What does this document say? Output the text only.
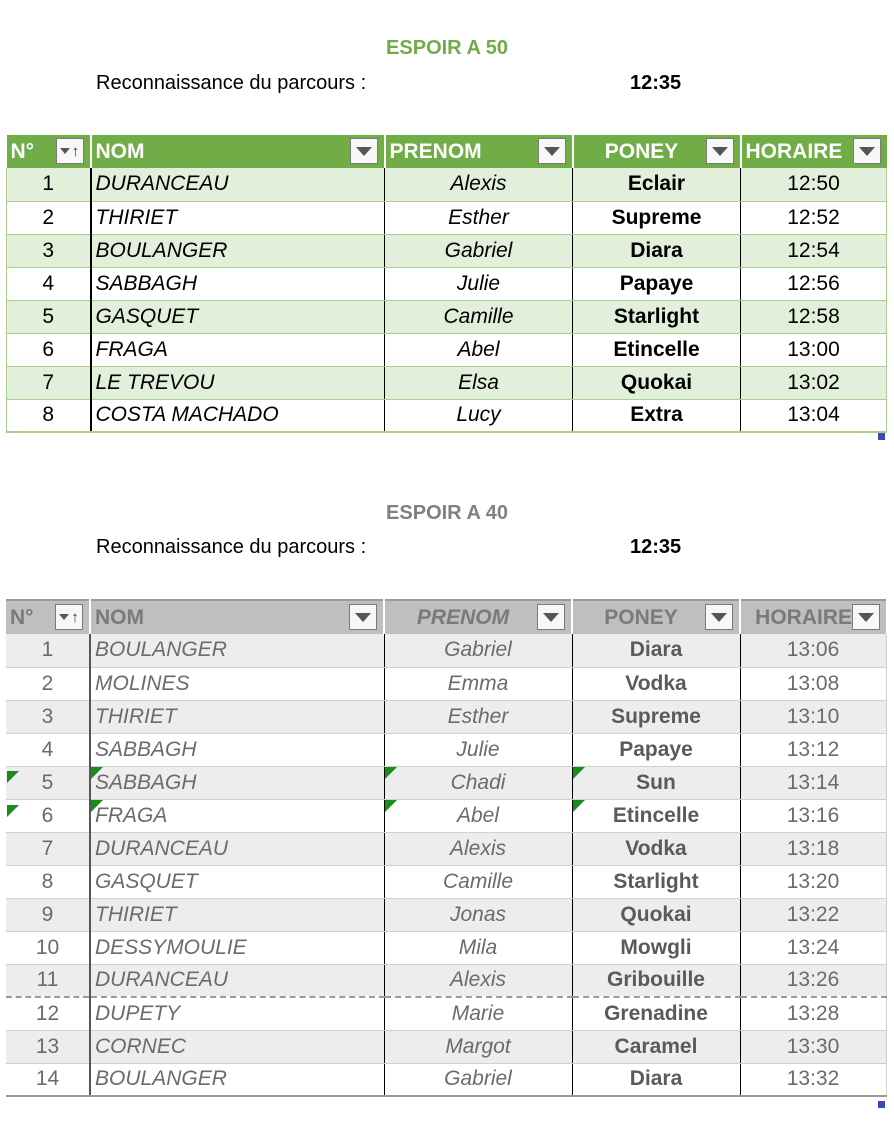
ESPOIR A 50
Reconnaissance du parcours :	12:35
N° ↑	NOM	PRENOM	PONEY	HORAIRE

1	DURANCEAU	Alexis	Eclair	12:50
2	THIRIET	Esther	Supreme	12:52
3	BOULANGER	Gabriel	Diara	12:54
4	SABBAGH	Julie	Papaye	12:56
5	GASQUET	Camille	Starlight	12:58
6	FRAGA	Abel	Etincelle	13:00
7	LE TREVOU	Elsa	Quokai	13:02
8	COSTA MACHADO	Lucy	Extra	13:04
ESPOIR A 40
Reconnaissance du parcours :	12:35
N° ↑	NOM	PRENOM	PONEY	HORAIRE

1	BOULANGER	Gabriel	Diara	13:06
2	MOLINES	Emma	Vodka	13:08
3	THIRIET	Esther	Supreme	13:10
4	SABBAGH	Julie	Papaye	13:12
5	SABBAGH	Chadi	Sun	13:14
6	FRAGA	Abel	Etincelle	13:16
7	DURANCEAU	Alexis	Vodka	13:18
8	GASQUET	Camille	Starlight	13:20
9	THIRIET	Jonas	Quokai	13:22
10	DESSYMOULIE	Mila	Mowgli	13:24
11	DURANCEAU	Alexis	Gribouille	13:26
12	DUPETY	Marie	Grenadine	13:28
13	CORNEC	Margot	Caramel	13:30
14	BOULANGER	Gabriel	Diara	13:32
